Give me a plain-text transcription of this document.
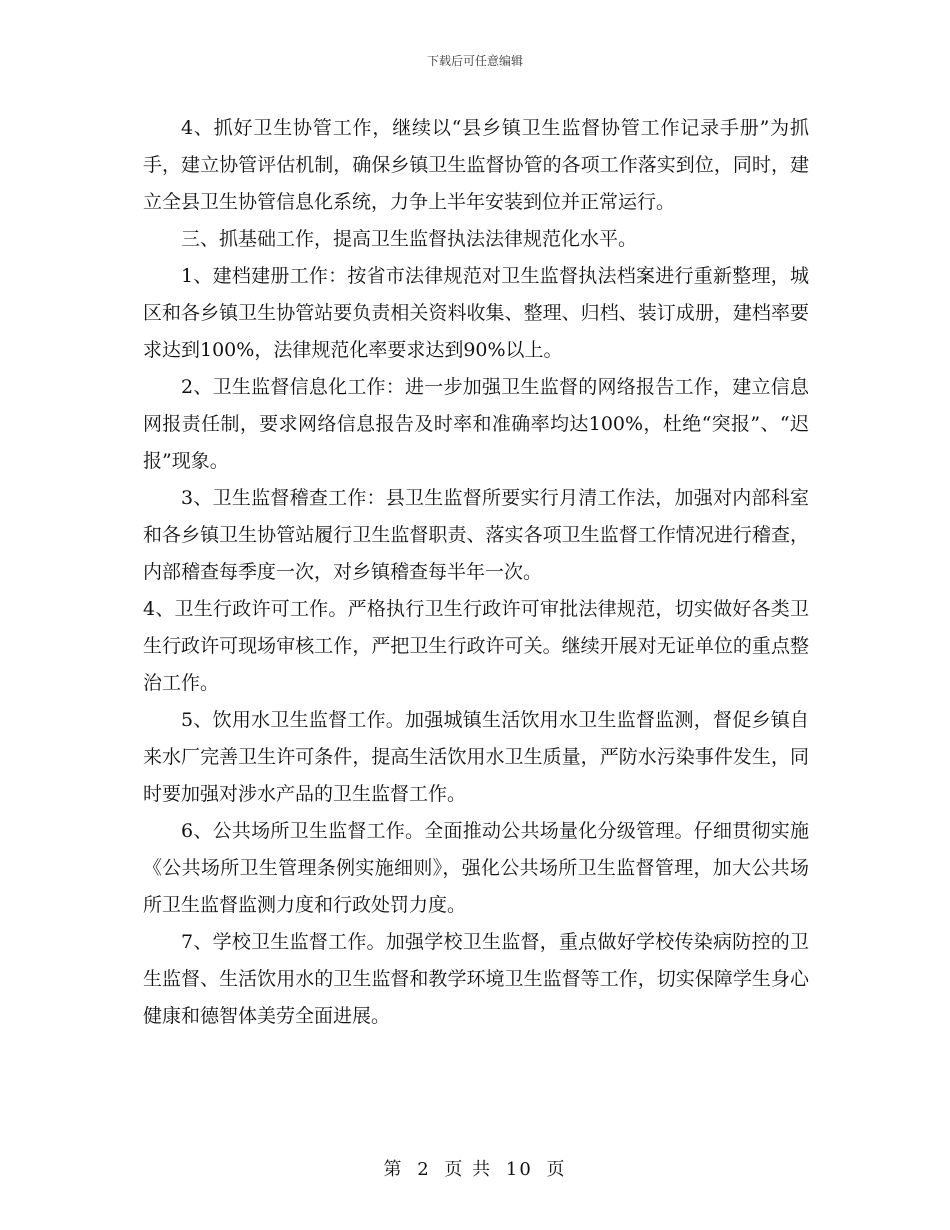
下载后可任意编辑

4、抓好卫生协管工作，继续以“县乡镇卫生监督协管工作记录手册”为抓手，建立协管评估机制，确保乡镇卫生监督协管的各项工作落实到位，同时，建立全县卫生协管信息化系统，力争上半年安装到位并正常运行。

三、抓基础工作，提高卫生监督执法法律规范化水平。

1、建档建册工作：按省市法律规范对卫生监督执法档案进行重新整理，城区和各乡镇卫生协管站要负责相关资料收集、整理、归档、装订成册，建档率要求达到100%，法律规范化率要求达到90%以上。

2、卫生监督信息化工作：进一步加强卫生监督的网络报告工作，建立信息网报责任制，要求网络信息报告及时率和准确率均达100%，杜绝“突报”、“迟报”现象。

3、卫生监督稽查工作：县卫生监督所要实行月清工作法，加强对内部科室和各乡镇卫生协管站履行卫生监督职责、落实各项卫生监督工作情况进行稽查，内部稽查每季度一次，对乡镇稽查每半年一次。

4、卫生行政许可工作。严格执行卫生行政许可审批法律规范，切实做好各类卫生行政许可现场审核工作，严把卫生行政许可关。继续开展对无证单位的重点整治工作。

5、饮用水卫生监督工作。加强城镇生活饮用水卫生监督监测，督促乡镇自来水厂完善卫生许可条件，提高生活饮用水卫生质量，严防水污染事件发生，同时要加强对涉水产品的卫生监督工作。

6、公共场所卫生监督工作。全面推动公共场量化分级管理。仔细贯彻实施《公共场所卫生管理条例实施细则》，强化公共场所卫生监督管理，加大公共场所卫生监督监测力度和行政处罚力度。

7、学校卫生监督工作。加强学校卫生监督，重点做好学校传染病防控的卫生监督、生活饮用水的卫生监督和教学环境卫生监督等工作，切实保障学生身心健康和德智体美劳全面进展。

第 2 页 共 10 页
